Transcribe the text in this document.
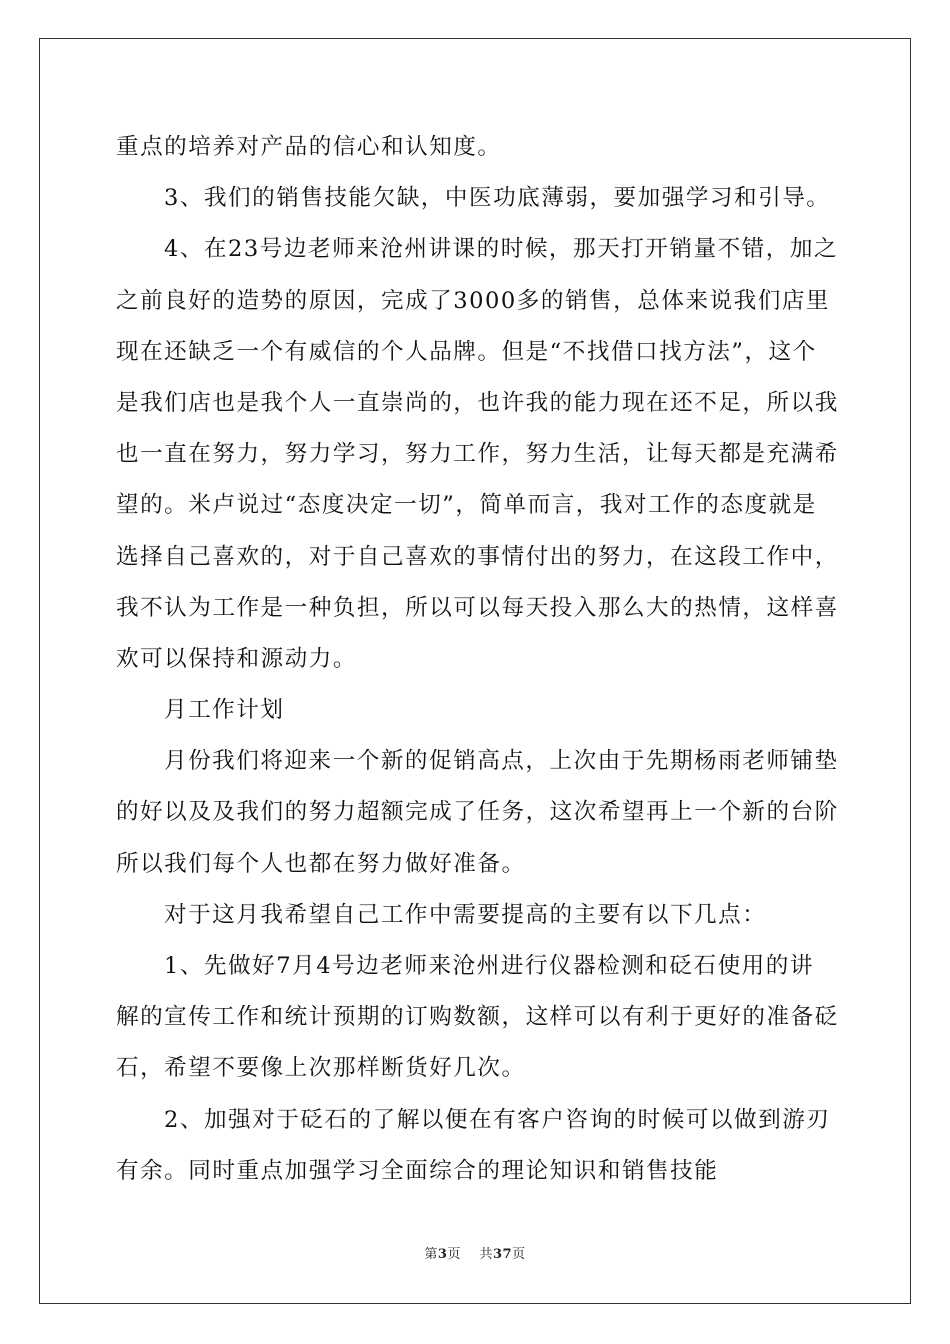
重点的培养对产品的信心和认知度。
3、我们的销售技能欠缺，中医功底薄弱，要加强学习和引导。
4、在23号边老师来沧州讲课的时候，那天打开销量不错，加之
之前良好的造势的原因，完成了3000多的销售，总体来说我们店里
现在还缺乏一个有威信的个人品牌。但是“不找借口找方法”，这个
是我们店也是我个人一直崇尚的，也许我的能力现在还不足，所以我
也一直在努力，努力学习，努力工作，努力生活，让每天都是充满希
望的。米卢说过“态度决定一切”，简单而言，我对工作的态度就是
选择自己喜欢的，对于自己喜欢的事情付出的努力，在这段工作中，
我不认为工作是一种负担，所以可以每天投入那么大的热情，这样喜
欢可以保持和源动力。
月工作计划
月份我们将迎来一个新的促销高点，上次由于先期杨雨老师铺垫
的好以及及我们的努力超额完成了任务，这次希望再上一个新的台阶
所以我们每个人也都在努力做好准备。
对于这月我希望自己工作中需要提高的主要有以下几点：
1、先做好7月4号边老师来沧州进行仪器检测和砭石使用的讲
解的宣传工作和统计预期的订购数额，这样可以有利于更好的准备砭
石，希望不要像上次那样断货好几次。
2、加强对于砭石的了解以便在有客户咨询的时候可以做到游刃
有余。同时重点加强学习全面综合的理论知识和销售技能
第3页    共37页
